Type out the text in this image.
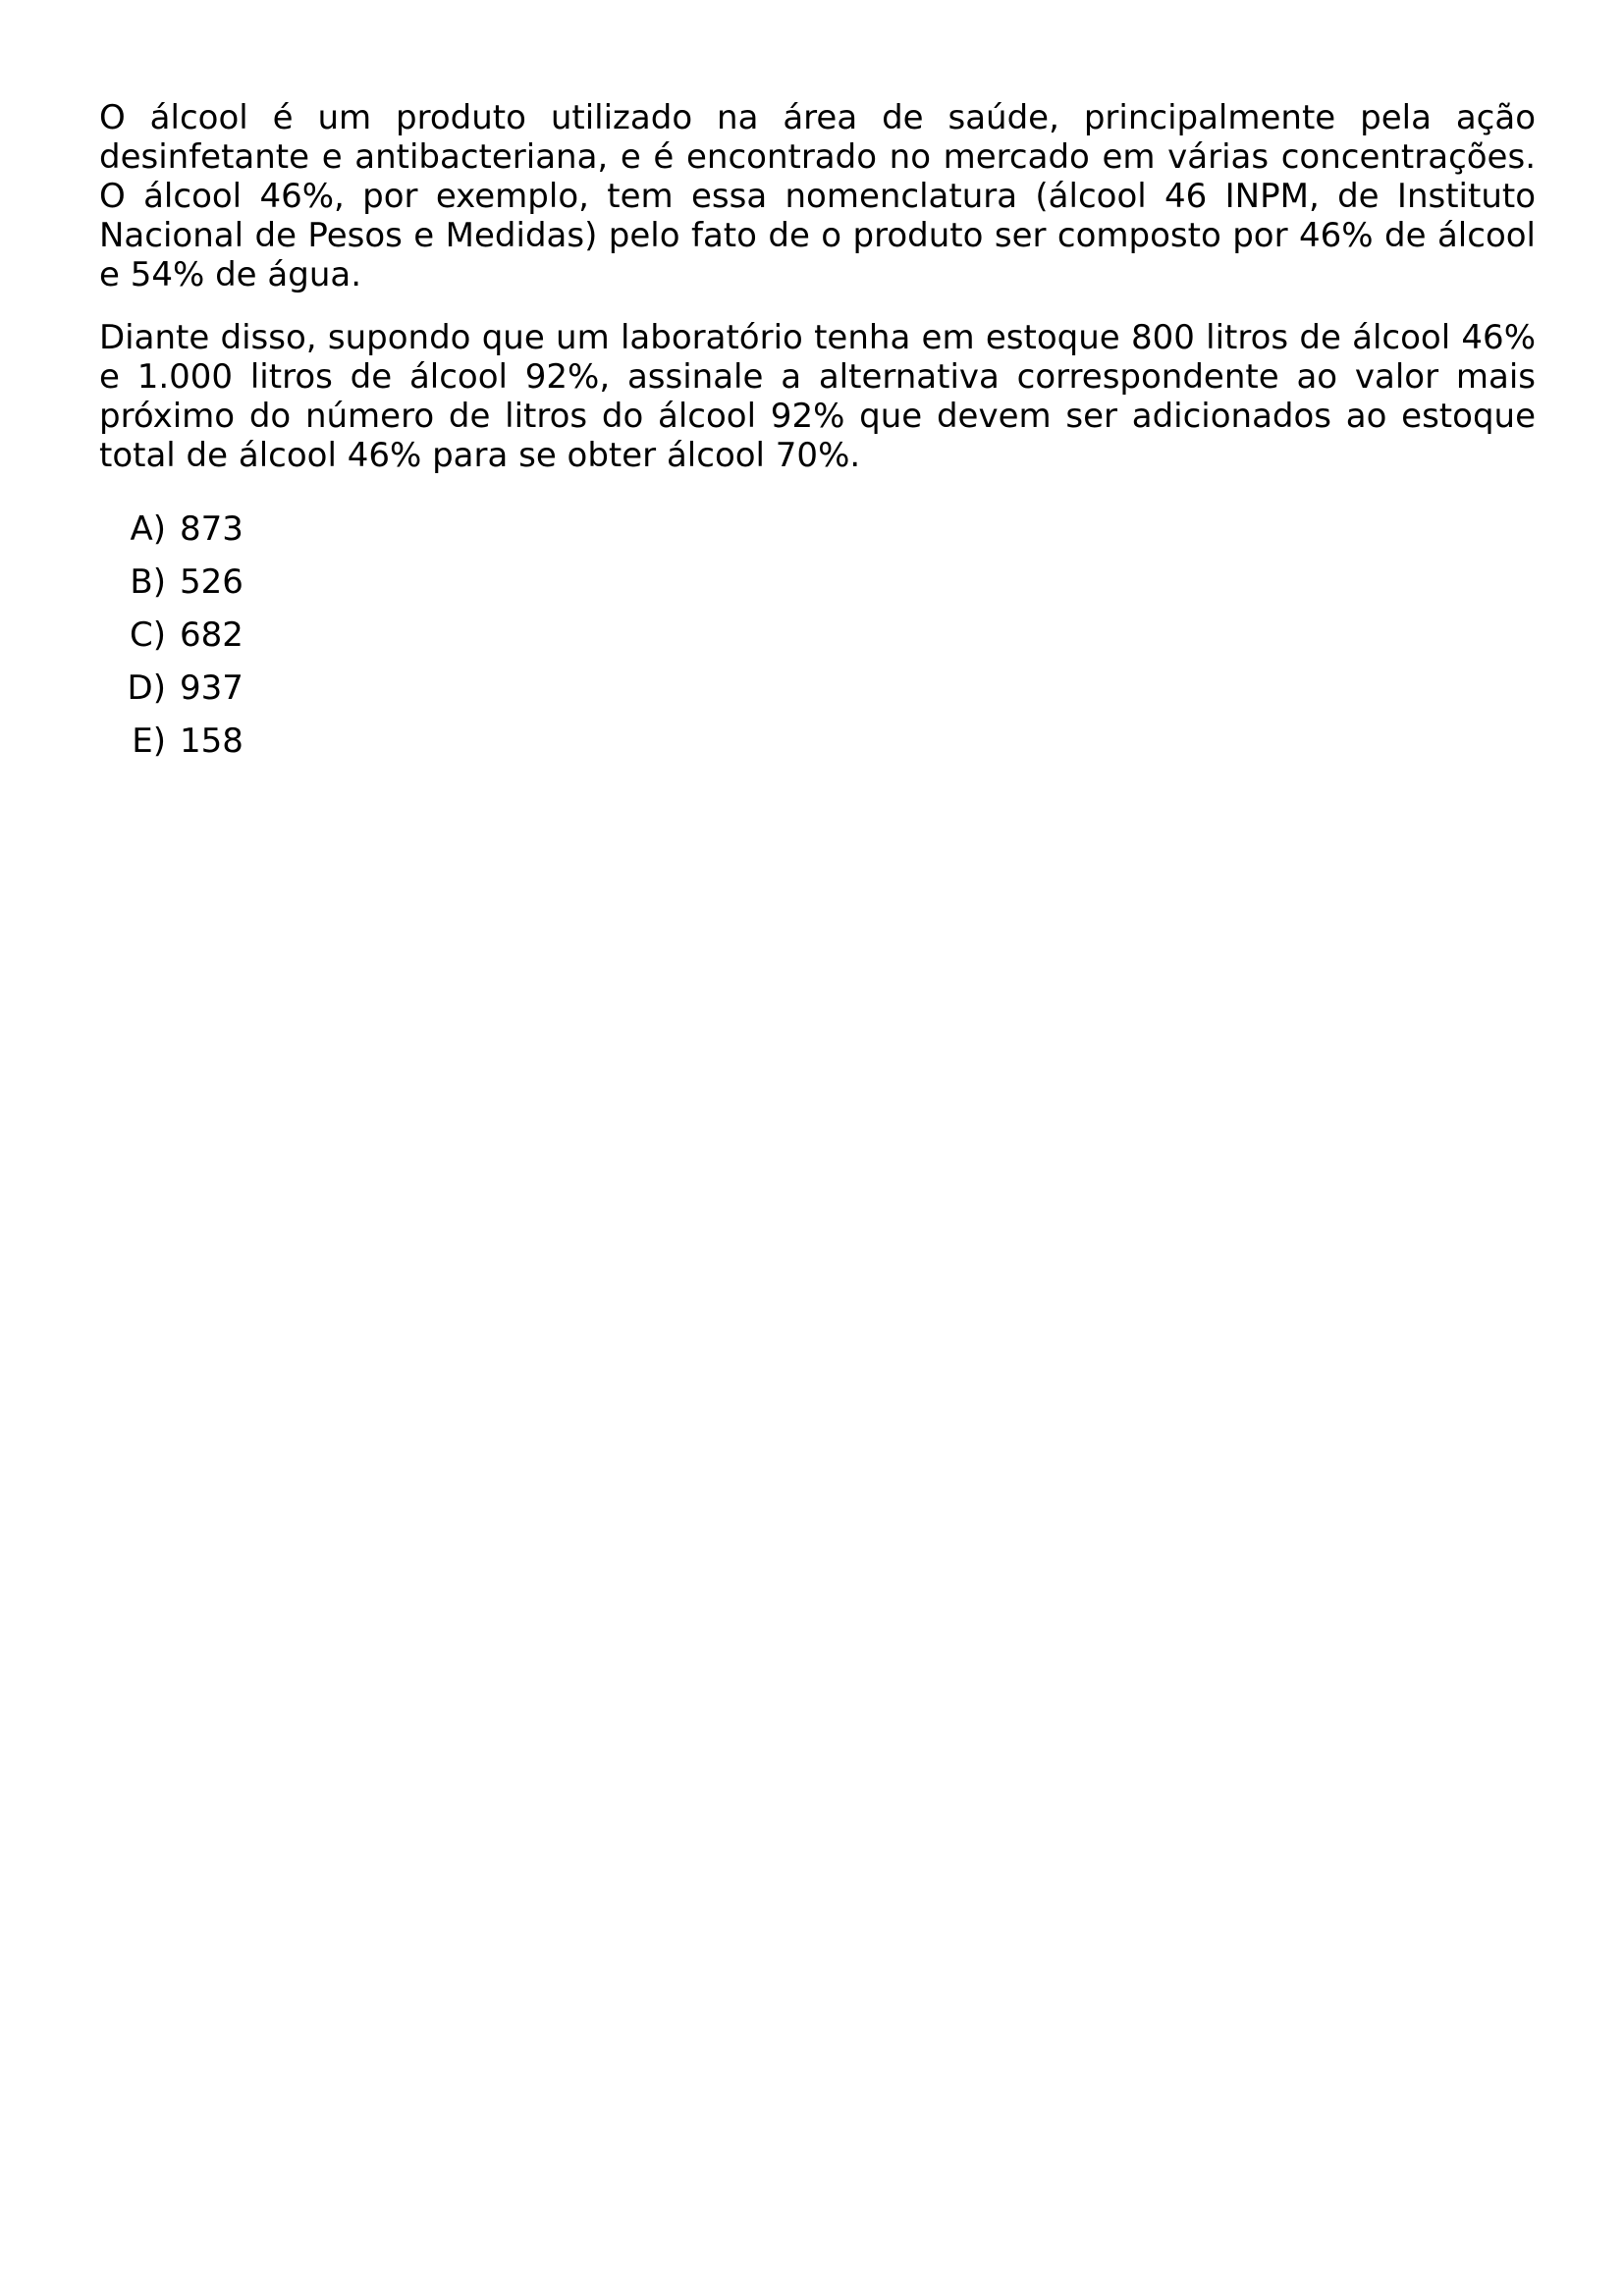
O álcool é um produto utilizado na área de saúde, principalmente pela ação desinfetante e antibacteriana, e é encontrado no mercado em várias concentrações. O álcool 46%, por exemplo, tem essa nomenclatura (álcool 46 INPM, de Instituto Nacional de Pesos e Medidas) pelo fato de o produto ser composto por 46% de álcool e 54% de água.

Diante disso, supondo que um laboratório tenha em estoque 800 litros de álcool 46% e 1.000 litros de álcool 92%, assinale a alternativa correspondente ao valor mais próximo do número de litros do álcool 92% que devem ser adicionados ao estoque total de álcool 46% para se obter álcool 70%.

A) 873
B) 526
C) 682
D) 937
E) 158
